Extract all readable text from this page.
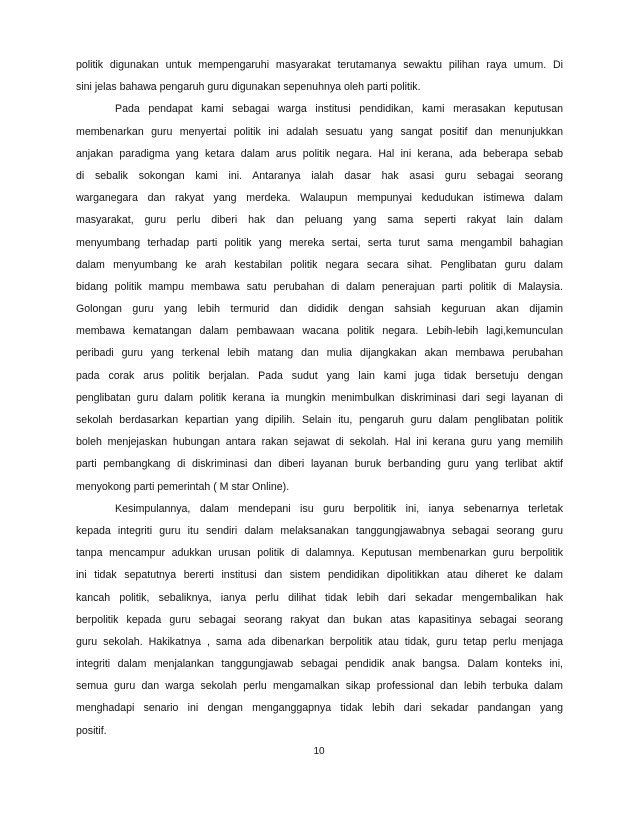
politik digunakan untuk mempengaruhi masyarakat terutamanya sewaktu pilihan raya umum. Di
sini jelas bahawa pengaruh guru digunakan sepenuhnya oleh parti politik.
Pada pendapat kami sebagai warga institusi pendidikan, kami merasakan keputusan
membenarkan guru menyertai politik ini adalah sesuatu yang sangat positif dan menunjukkan
anjakan paradigma yang ketara dalam arus politik negara. Hal ini kerana, ada beberapa sebab
di sebalik sokongan kami ini. Antaranya ialah dasar hak asasi guru sebagai seorang
warganegara dan rakyat yang merdeka. Walaupun mempunyai kedudukan istimewa dalam
masyarakat, guru perlu diberi hak dan peluang yang sama seperti rakyat lain dalam
menyumbang terhadap parti politik yang mereka sertai, serta turut sama mengambil bahagian
dalam menyumbang ke arah kestabilan politik negara secara sihat. Penglibatan guru dalam
bidang politik mampu membawa satu perubahan di dalam penerajuan parti politik di Malaysia.
Golongan guru yang lebih termurid dan dididik dengan sahsiah keguruan akan dijamin
membawa kematangan dalam pembawaan wacana politik negara. Lebih-lebih lagi,kemunculan
peribadi guru yang terkenal lebih matang dan mulia dijangkakan akan membawa perubahan
pada corak arus politik berjalan. Pada sudut yang lain kami juga tidak bersetuju dengan
penglibatan guru dalam politik kerana ia mungkin menimbulkan diskriminasi dari segi layanan di
sekolah berdasarkan kepartian yang dipilih. Selain itu, pengaruh guru dalam penglibatan politik
boleh menjejaskan hubungan antara rakan sejawat di sekolah. Hal ini kerana guru yang memilih
parti pembangkang di diskriminasi dan diberi layanan buruk berbanding guru yang terlibat aktif
menyokong parti pemerintah ( M star Online).
Kesimpulannya, dalam mendepani isu guru berpolitik ini, ianya sebenarnya terletak
kepada integriti guru itu sendiri dalam melaksanakan tanggungjawabnya sebagai seorang guru
tanpa mencampur adukkan urusan politik di dalamnya. Keputusan membenarkan guru berpolitik
ini tidak sepatutnya bererti institusi dan sistem pendidikan dipolitikkan atau diheret ke dalam
kancah politik, sebaliknya, ianya perlu dilihat tidak lebih dari sekadar mengembalikan hak
berpolitik kepada guru sebagai seorang rakyat dan bukan atas kapasitinya sebagai seorang
guru sekolah. Hakikatnya , sama ada dibenarkan berpolitik atau tidak, guru tetap perlu menjaga
integriti dalam menjalankan tanggungjawab sebagai pendidik anak bangsa. Dalam konteks ini,
semua guru dan warga sekolah perlu mengamalkan sikap professional dan lebih terbuka dalam
menghadapi senario ini dengan menganggapnya tidak lebih dari sekadar pandangan yang
positif.
10
